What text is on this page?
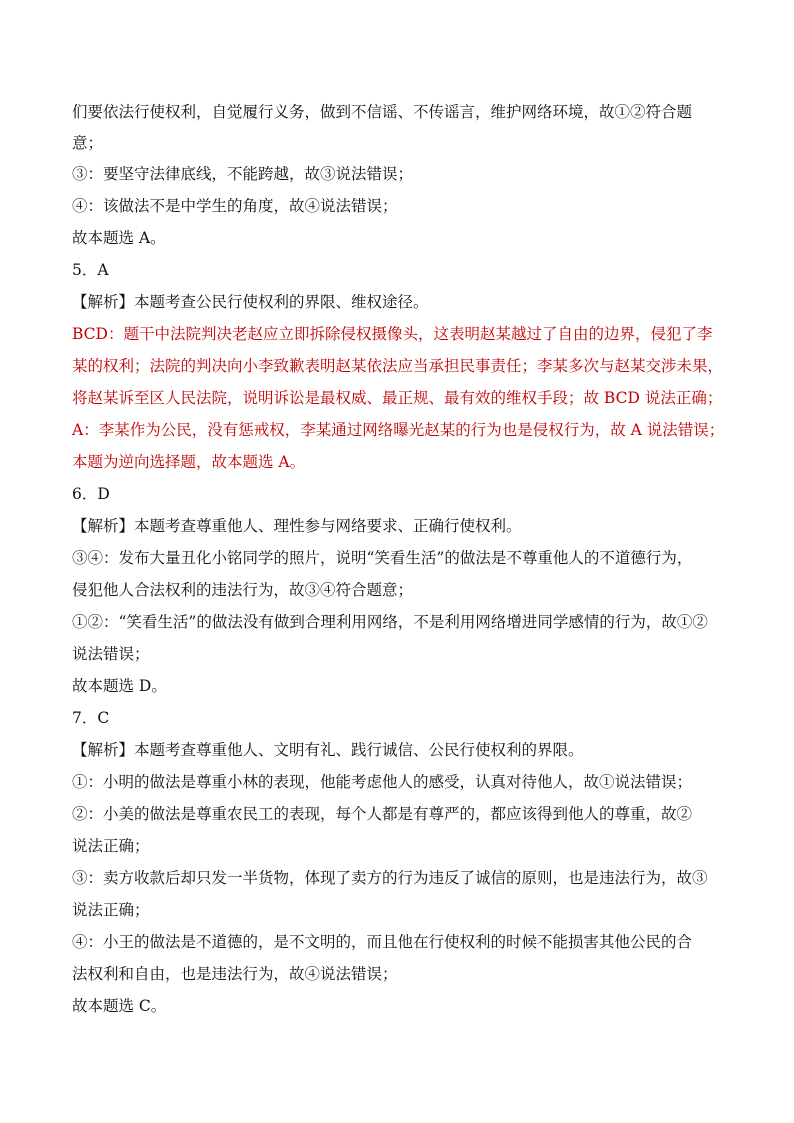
们要依法行使权利，自觉履行义务，做到不信谣、不传谣言，维护网络环境，故①②符合题
意；
③：要坚守法律底线，不能跨越，故③说法错误；
④：该做法不是中学生的角度，故④说法错误；
故本题选 A。
5．A
【解析】本题考查公民行使权利的界限、维权途径。
BCD：题干中法院判决老赵应立即拆除侵权摄像头，这表明赵某越过了自由的边界，侵犯了李
某的权利；法院的判决向小李致歉表明赵某依法应当承担民事责任；李某多次与赵某交涉未果，
将赵某诉至区人民法院，说明诉讼是最权威、最正规、最有效的维权手段；故 BCD 说法正确；
A：李某作为公民，没有惩戒权，李某通过网络曝光赵某的行为也是侵权行为，故 A 说法错误；
本题为逆向选择题，故本题选 A。
6．D
【解析】本题考查尊重他人、理性参与网络要求、正确行使权利。
③④：发布大量丑化小铭同学的照片，说明“笑看生活”的做法是不尊重他人的不道德行为，
侵犯他人合法权利的违法行为，故③④符合题意；
①②：“笑看生活”的做法没有做到合理利用网络，不是利用网络增进同学感情的行为，故①②
说法错误；
故本题选 D。
7．C
【解析】本题考查尊重他人、文明有礼、践行诚信、公民行使权利的界限。
①：小明的做法是尊重小林的表现，他能考虑他人的感受，认真对待他人，故①说法错误；
②：小美的做法是尊重农民工的表现，每个人都是有尊严的，都应该得到他人的尊重，故②
说法正确；
③：卖方收款后却只发一半货物，体现了卖方的行为违反了诚信的原则，也是违法行为，故③
说法正确；
④：小王的做法是不道德的，是不文明的，而且他在行使权利的时候不能损害其他公民的合
法权利和自由，也是违法行为，故④说法错误；
故本题选 C。
